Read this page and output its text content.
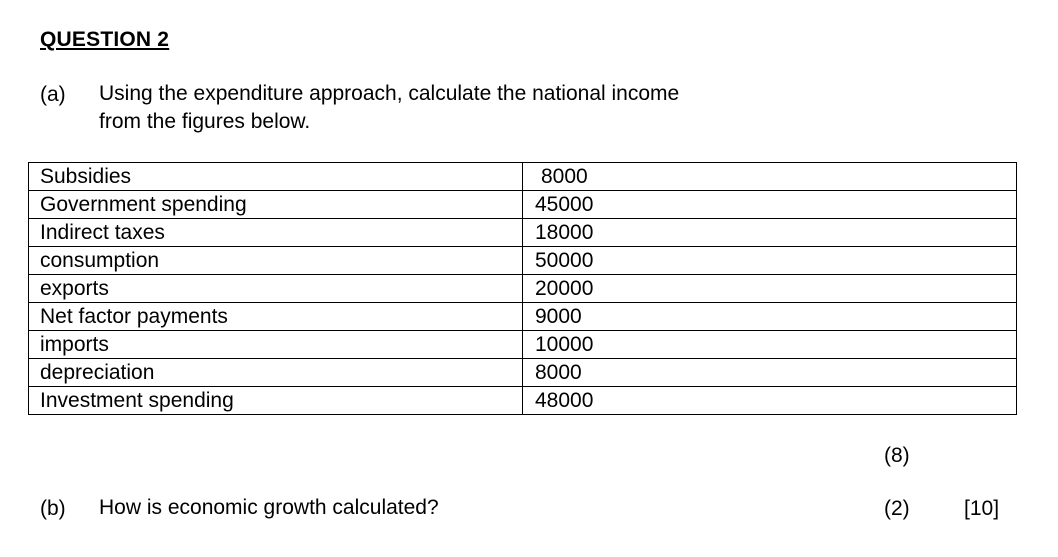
QUESTION 2
(a) Using the expenditure approach, calculate the national income
from the figures below.
Subsidies	8000
Government spending	45000
Indirect taxes	18000
consumption	50000
exports	20000
Net factor payments	9000
imports	10000
depreciation	8000
Investment spending	48000
(8)
(b) How is economic growth calculated?	(2)	[10]
